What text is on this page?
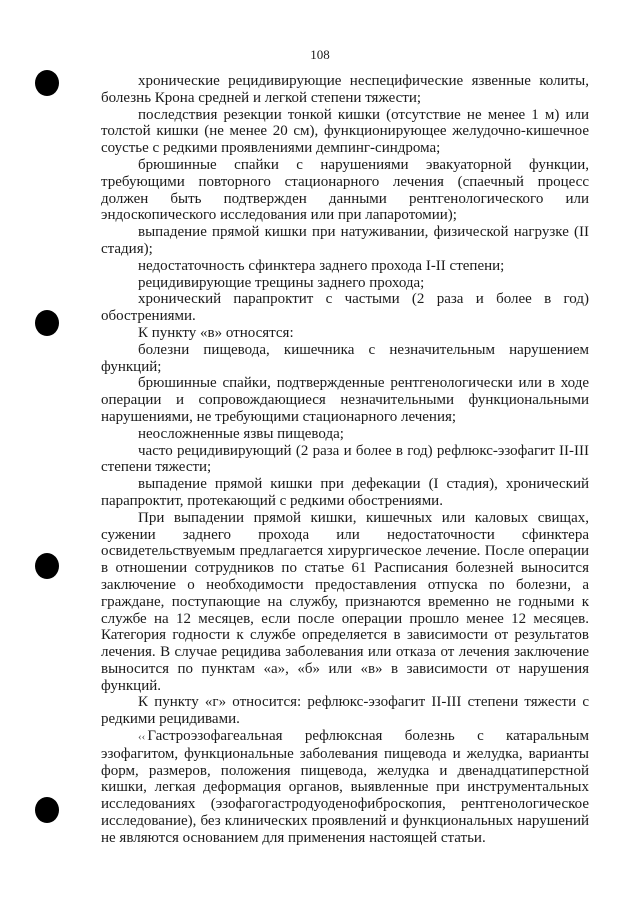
108

хронические рецидивирующие неспецифические язвенные колиты, болезнь Крона средней и легкой степени тяжести;

последствия резекции тонкой кишки (отсутствие не менее 1 м) или толстой кишки (не менее 20 см), функционирующее желудочно-кишечное соустье с редкими проявлениями демпинг-синдрома;

брюшинные спайки с нарушениями эвакуаторной функции, требующими повторного стационарного лечения (спаечный процесс должен быть подтвержден данными рентгенологического или эндоскопического исследования или при лапаротомии);

выпадение прямой кишки при натуживании, физической нагрузке (II стадия);

недостаточность сфинктера заднего прохода I-II степени;

рецидивирующие трещины заднего прохода;

хронический парапроктит с частыми (2 раза и более в год) обострениями.

К пункту «в» относятся:

болезни пищевода, кишечника с незначительным нарушением функций;

брюшинные спайки, подтвержденные рентгенологически или в ходе операции и сопровождающиеся незначительными функциональными нарушениями, не требующими стационарного лечения;

неосложненные язвы пищевода;

часто рецидивирующий (2 раза и более в год) рефлюкс-эзофагит II-III степени тяжести;

выпадение прямой кишки при дефекации (I стадия), хронический парапроктит, протекающий с редкими обострениями.

При выпадении прямой кишки, кишечных или каловых свищах, сужении заднего прохода или недостаточности сфинктера освидетельствуемым предлагается хирургическое лечение. После операции в отношении сотрудников по статье 61 Расписания болезней выносится заключение о необходимости предоставления отпуска по болезни, а граждане, поступающие на службу, признаются временно не годными к службе на 12 месяцев, если после операции прошло менее 12 месяцев. Категория годности к службе определяется в зависимости от результатов лечения. В случае рецидива заболевания или отказа от лечения заключение выносится по пунктам «а», «б» или «в» в зависимости от нарушения функций.

К пункту «г» относится: рефлюкс-эзофагит II-III степени тяжести с редкими рецидивами.

‹‹ Гастроэзофагеальная рефлюксная болезнь с катаральным эзофагитом, функциональные заболевания пищевода и желудка, варианты форм, размеров, положения пищевода, желудка и двенадцатиперстной кишки, легкая деформация органов, выявленные при инструментальных исследованиях (эзофагогастродуоденофиброскопия, рентгенологическое исследование), без клинических проявлений и функциональных нарушений не являются основанием для применения настоящей статьи.
